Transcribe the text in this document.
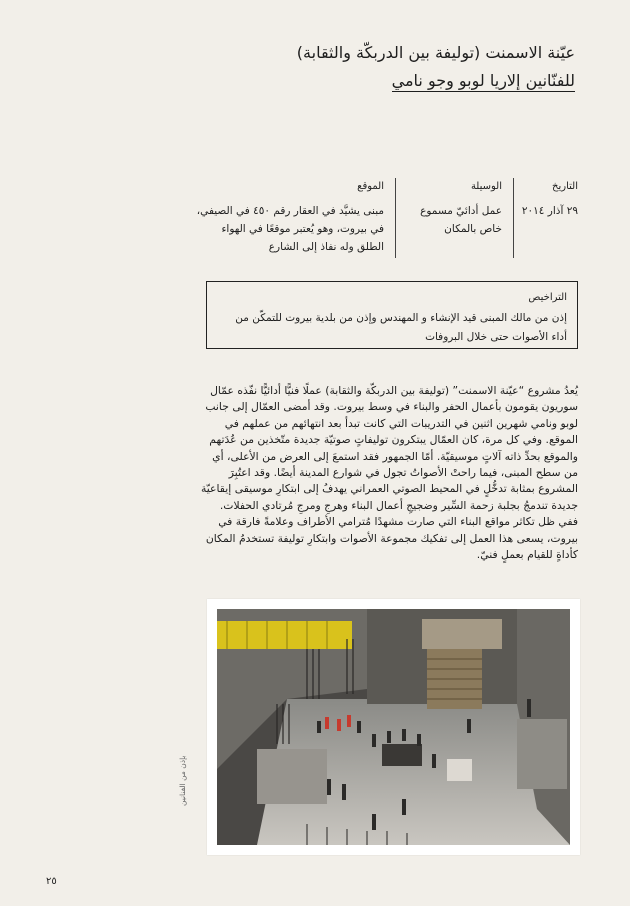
عيّنة الاسمنت (توليفة بين الدربكّة والثقابة)
للفنّانين إلاريا لوبو وجو نامي
التاريخ
٢٩ آذار ٢٠١٤
الوسيلة
عمل أدائيّ مسموع خاص بالمكان
الموقع
مبنى يشيَّد في العقار رقم ٤٥٠ في الصيفي، في بيروت، وهو يُعتبر موقعًا في الهواء الطلق وله نفاذ إلى الشارع
التراخيص
إذن من مالك المبنى قيد الإنشاء و المهندس وإذن من بلدية بيروت للتمكّن من أداء الأصوات حتى خلال البروفات
يُعدُ مشروع “عيّنة الاسمنت” (توليفة بين الدربكّة والثقابة) عملًا فنيًّا أدائيًّا نفّذه عمّال سوريون يقومون بأعمال الحفر والبناء في وسط بيروت. وقد أمضى العمّال إلى جانب لوبو ونامي شهرين اثنين في التدريبات التي كانت تبدأ بعد انتهائهم من عملهم في الموقع. وفي كل مرة، كان العمّال يبتكرون توليفاتٍ صوتيّة جديدة متّخذين من عُدَتهم والموقع بحدِّ ذاته آلاتٍ موسيقيّة. أمّا الجمهور فقد استمعَ إلى العرض من الأعلى، أي من سطح المبنى، فيما راحتْ الأصواتُ تجول في شوارع المدينة أيضًا. وقد اعتُبِرَ المشروع بمثابة تدخُّلٍ في المحيط الصوتي العمراني يهدفُ إلى ابتكارِ موسيقى إيقاعيّة جديدة تندمجُ بجلبة زحمة السِّير وضجيجِ أعمال البناء وهرجِ ومرجِ مُرتادي الحفلات. ففي ظل تكاثر مواقع البناء التي صارت مشهدًا مُترامي الأطراف وعلامةً فارقة في بيروت، يسعى هذا العمل إلى تفكيك مجموعة الأصوات وابتكارِ توليفة تستخدمُ المكان كأداةٍ للقيام بعملٍ فنيّ.
بإذن من الفنانين
٢٥
